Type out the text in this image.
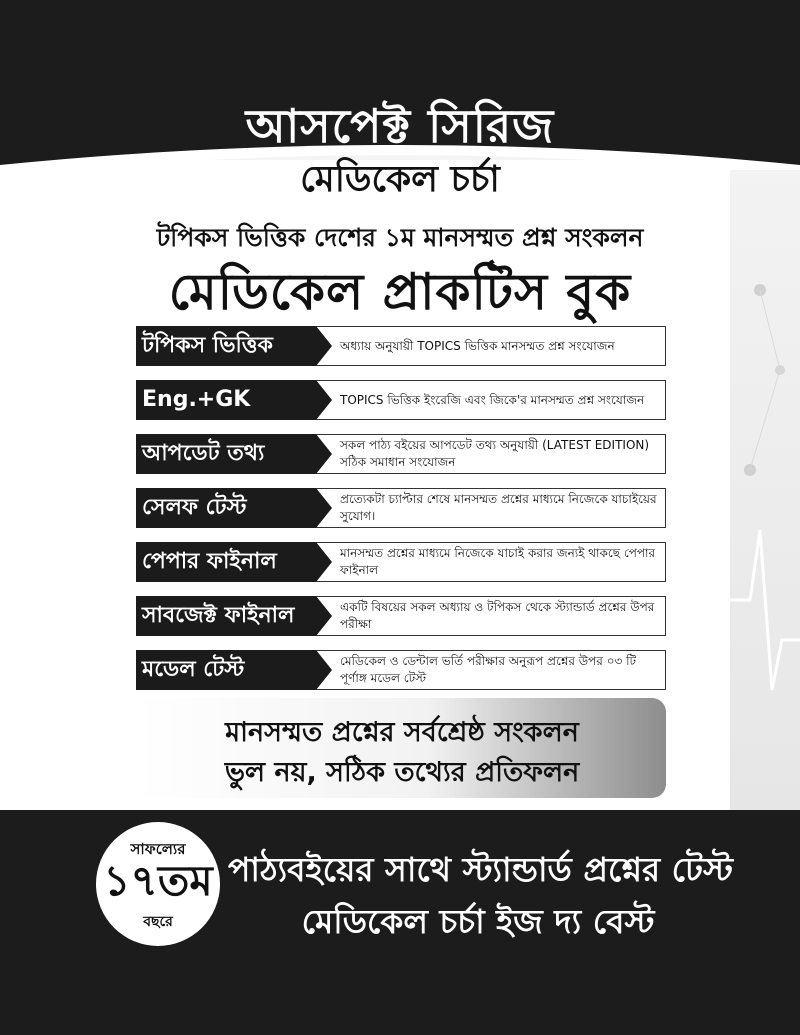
আসপেক্ট সিরিজ
মেডিকেল চর্চা
টপিকস ভিত্তিক দেশের ১ম মানসম্মত প্রশ্ন সংকলন
মেডিকেল প্রাকটিস বুক
অধ্যায় অনুযায়ী TOPICS ভিত্তিক মানসম্মত প্রশ্ন সংযোজন
টপিকস ভিত্তিক
TOPICS ভিত্তিক ইংরেজি এবং জিকে'র মানসম্মত প্রশ্ন সংযোজন
Eng.+GK
সকল পাঠ্য বইয়ের আপডেট তথ্য অনুযায়ী (LATEST EDITION) সঠিক সমাধান সংযোজন
আপডেট তথ্য
প্রত্যেকটা চ্যাপ্টার শেষে মানসম্মত প্রশ্নের মাধ্যমে নিজেকে যাচাইয়ের সুযোগ।
সেলফ টেস্ট
মানসম্মত প্রশ্নের মাধ্যমে নিজেকে যাচাই করার জন্যই থাকছে পেপার ফাইনাল
পেপার ফাইনাল
একটি বিষয়ের সকল অধ্যায় ও টপিকস থেকে স্ট্যান্ডার্ড প্রশ্নের উপর পরীক্ষা
সাবজেক্ট ফাইনাল
মেডিকেল ও ডেন্টাল ভর্তি পরীক্ষার অনুরূপ প্রশ্নের উপর ০৩ টি পূর্ণাঙ্গ মডেল টেস্ট
মডেল টেস্ট
মানসম্মত প্রশ্নের সর্বশ্রেষ্ঠ সংকলন
ভুল নয়, সঠিক তথ্যের প্রতিফলন
সাফল্যের
১৭তম
বছরে
পাঠ্যবইয়ের সাথে স্ট্যান্ডার্ড প্রশ্নের টেস্ট
মেডিকেল চর্চা ইজ দ্য বেস্ট
